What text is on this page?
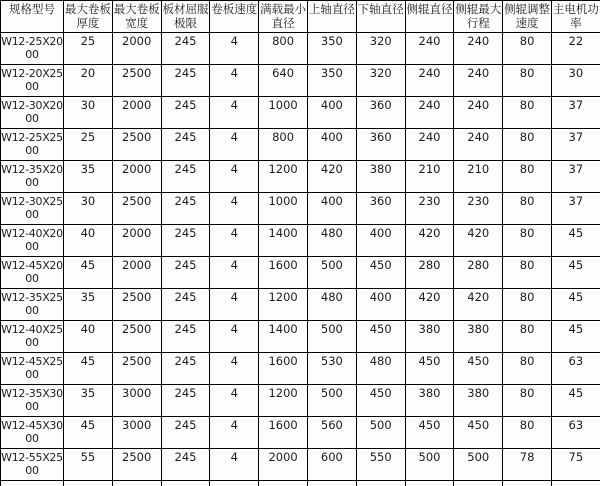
规格型号	最大卷板厚度	最大卷板宽度	板材屈服极限	卷板速度	满载最小直径	上轴直径	下轴直径	侧辊直径	侧辊最大行程	侧辊调整速度	主电机功率
W12-25X2000	25	2000	245	4	800	350	320	240	240	80	22
W12-20X2500	20	2500	245	4	640	350	320	240	240	80	30
W12-30X2000	30	2000	245	4	1000	400	360	240	240	80	37
W12-25X2500	25	2500	245	4	800	400	360	240	240	80	37
W12-35X2000	35	2000	245	4	1200	420	380	210	210	80	37
W12-30X2500	30	2500	245	4	1000	400	360	230	230	80	37
W12-40X2000	40	2000	245	4	1400	480	400	420	420	80	45
W12-45X2000	45	2000	245	4	1600	500	450	280	280	80	45
W12-35X2500	35	2500	245	4	1200	480	400	420	420	80	45
W12-40X2500	40	2500	245	4	1400	500	450	380	380	80	45
W12-45X2500	45	2500	245	4	1600	530	480	450	450	80	63
W12-35X3000	35	3000	245	4	1200	500	450	380	380	80	45
W12-45X3000	45	3000	245	4	1600	560	500	450	450	80	63
W12-55X2500	55	2500	245	4	2000	600	550	500	500	78	75
